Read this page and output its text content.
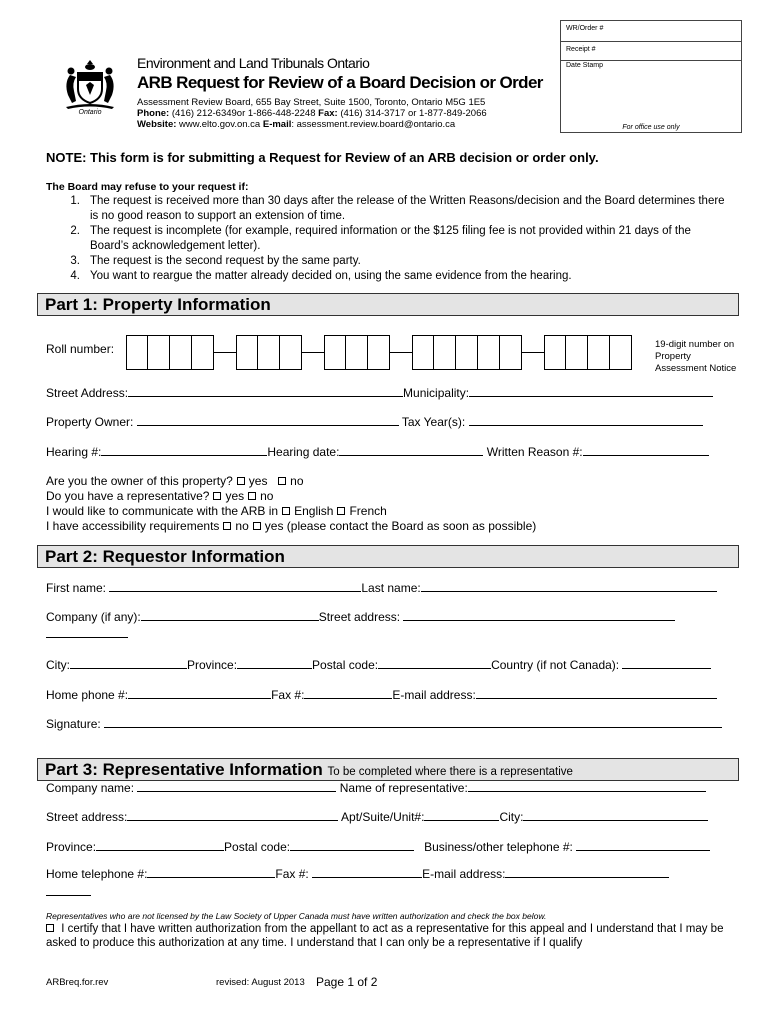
WR/Order #
Receipt #
Date Stamp
For office use only
Ontario
Environment and Land Tribunals Ontario
ARB Request for Review of a Board Decision or Order
Assessment Review Board, 655 Bay Street, Suite 1500, Toronto, Ontario M5G 1E5
Phone: (416) 212-6349or 1-866-448-2248 Fax: (416) 314-3717 or 1-877-849-2066
Website: www.elto.gov.on.ca E-mail: assessment.review.board@ontario.ca
NOTE: This form is for submitting a Request for Review of an ARB decision or order only.
The Board may refuse to your request if:
1. The request is received more than 30 days after the release of the Written Reasons/decision and the Board determines there is no good reason to support an extension of time.
2. The request is incomplete (for example, required information or the $125 filing fee is not provided within 21 days of the Board’s acknowledgement letter).
3. The request is the second request by the same party.
4. You want to reargue the matter already decided on, using the same evidence from the hearing.
Part 1: Property Information
Roll number:	19-digit number on
Property
Assessment Notice
Street Address:	Municipality:
Property Owner:	Tax Year(s):
Hearing #:	Hearing date:	Written Reason #:
Are you the owner of this property? yes no
Do you have a representative? yes no
I would like to communicate with the ARB in English French
I have accessibility requirements no yes (please contact the Board as soon as possible)
Part 2: Requestor Information
First name:	Last name:
Company (if any):	Street address:
City:	Province:	Postal code:	Country (if not Canada):
Home phone #:	Fax #:	E-mail address:
Signature:
Part 3: Representative Information To be completed where there is a representative
Company name:	Name of representative:
Street address:	Apt/Suite/Unit#:	City:
Province:	Postal code:	Business/other telephone #:
Home telephone #:	Fax #:	E-mail address:
Representatives who are not licensed by the Law Society of Upper Canada must have written authorization and check the box below.
I certify that I have written authorization from the appellant to act as a representative for this appeal and I understand that I may be asked to produce this authorization at any time. I understand that I can only be a representative if I qualify
ARBreq.for.rev	revised: August 2013 Page 1 of 2
